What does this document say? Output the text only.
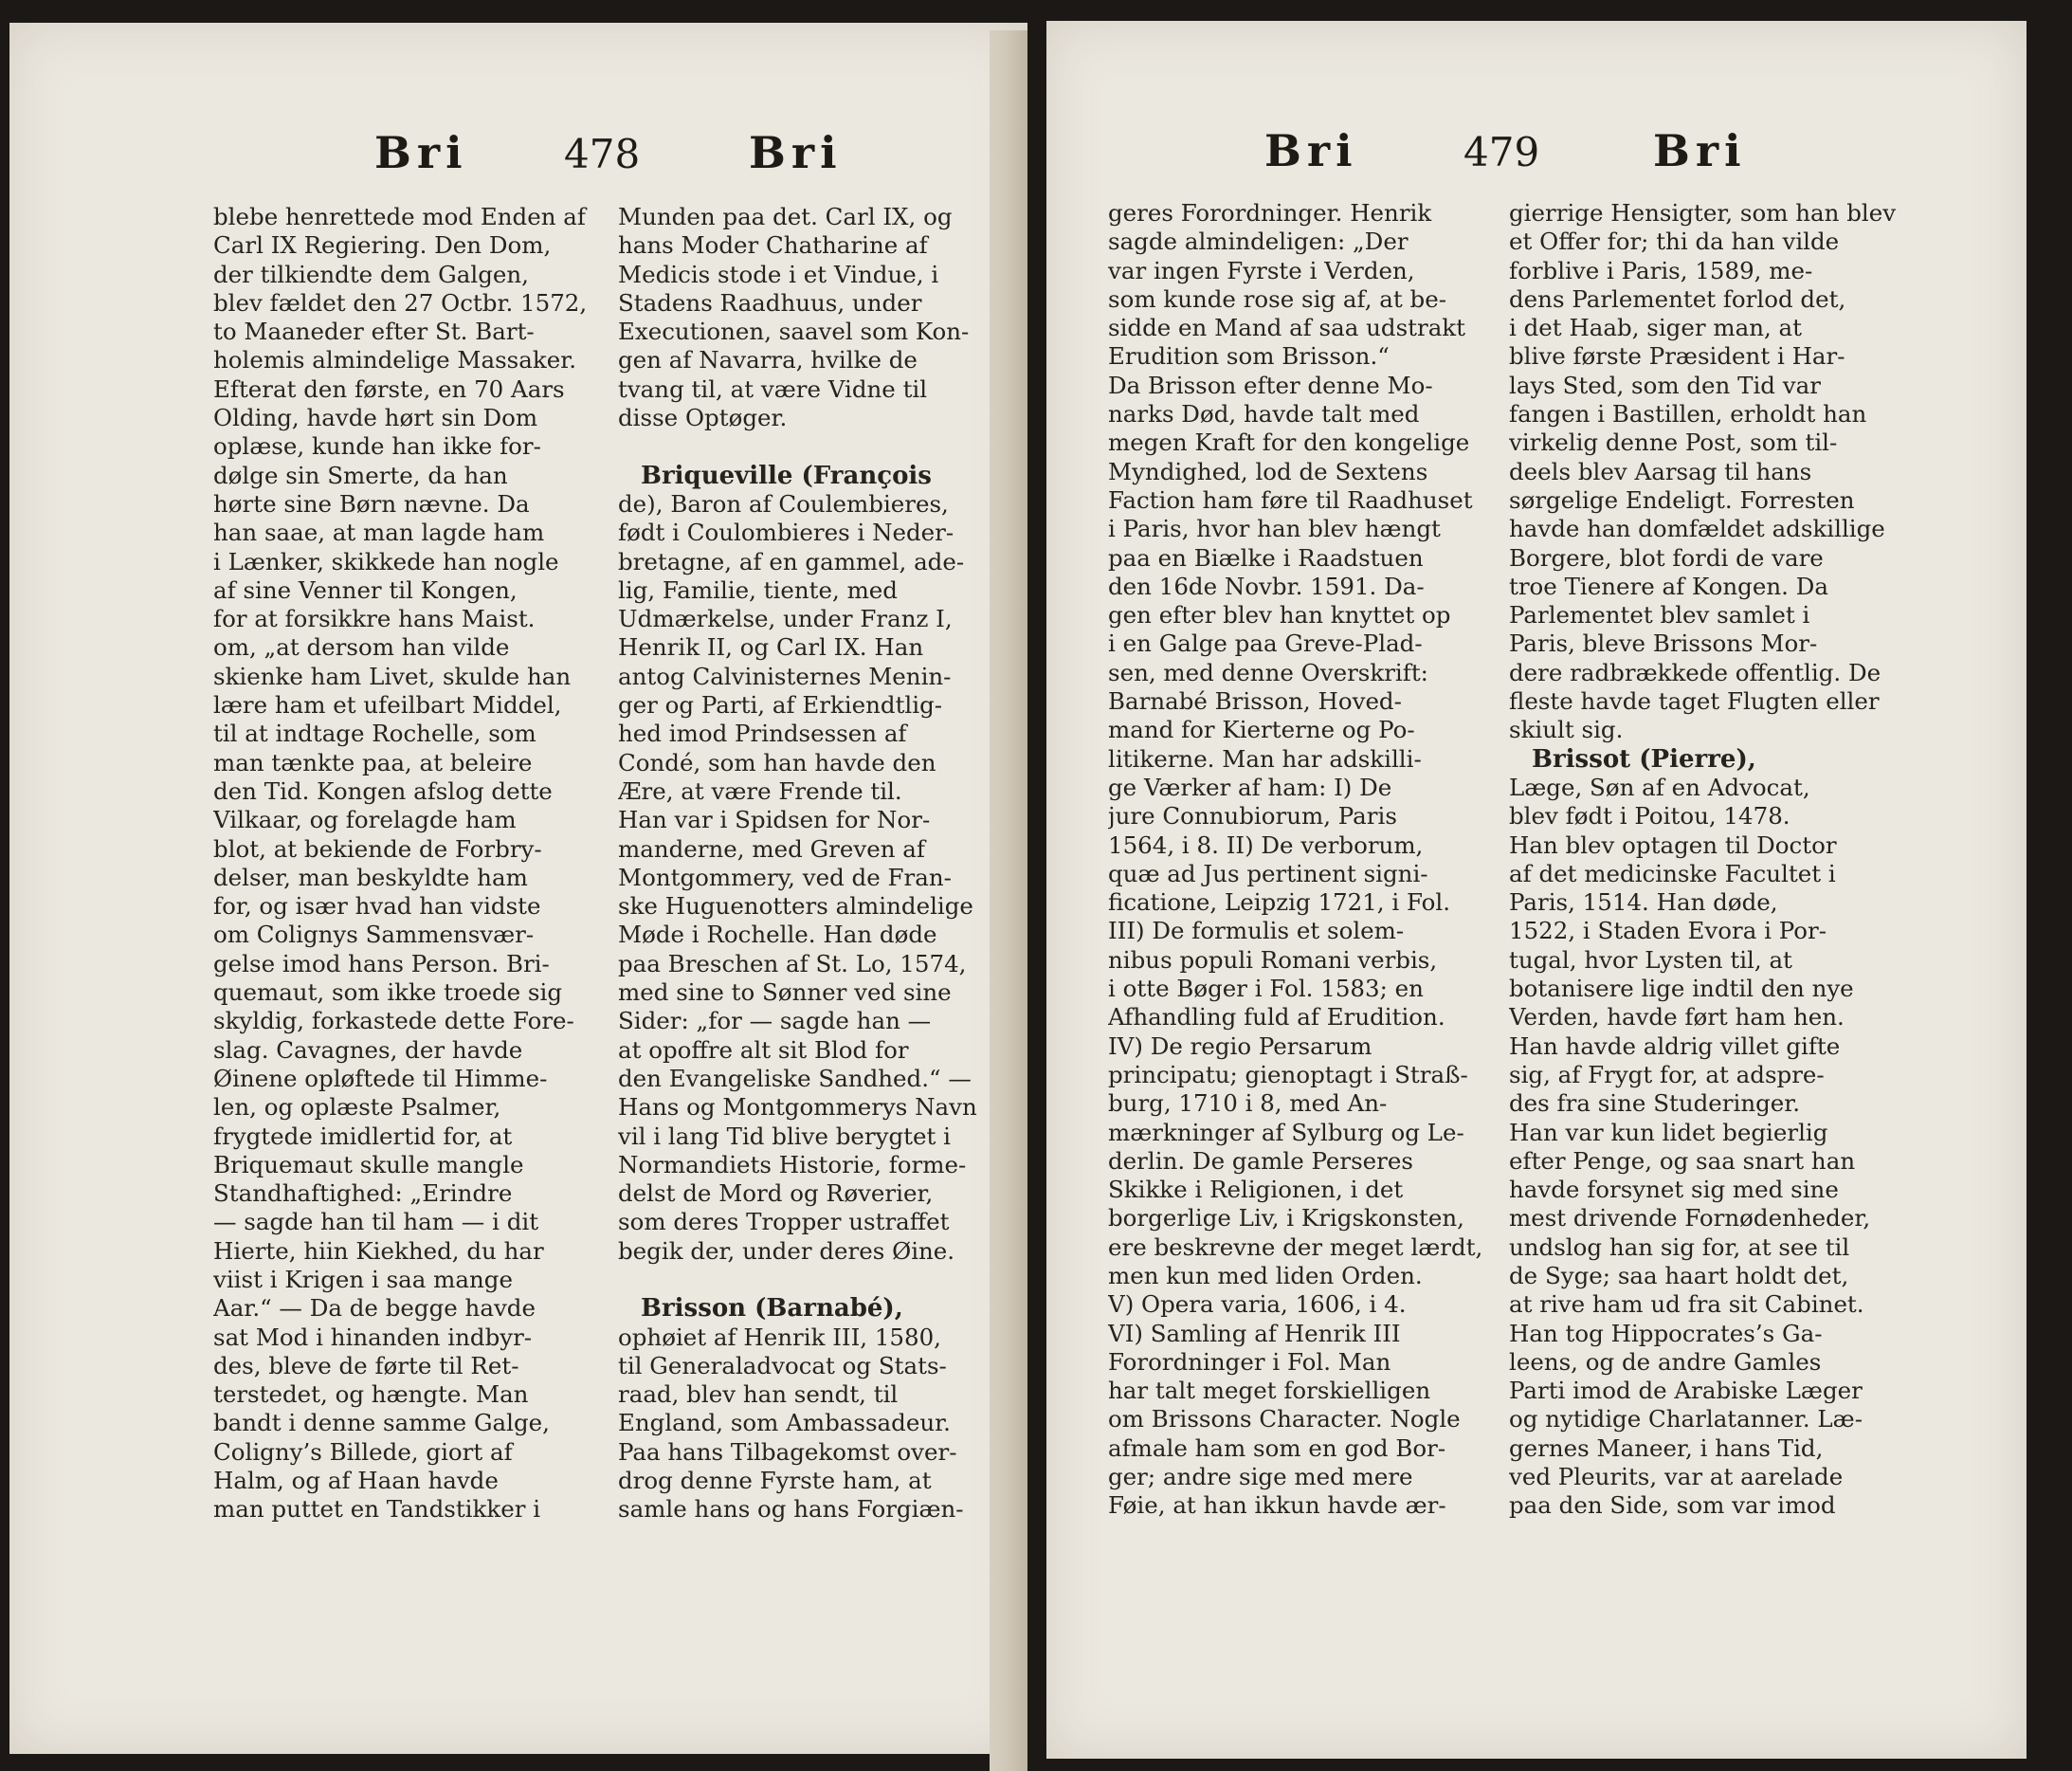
Bri 478 Bri
blebe henrettede mod Enden af
Carl IX Regiering. Den Dom,
der tilkiendte dem Galgen,
blev fældet den 27 Octbr. 1572,
to Maaneder efter St. Bart-
holemis almindelige Massaker.
Efterat den første, en 70 Aars
Olding, havde hørt sin Dom
oplæse, kunde han ikke for-
dølge sin Smerte, da han
hørte sine Børn nævne. Da
han saae, at man lagde ham
i Lænker, skikkede han nogle
af sine Venner til Kongen,
for at forsikkre hans Maist.
om, „at dersom han vilde
skienke ham Livet, skulde han
lære ham et ufeilbart Middel,
til at indtage Rochelle, som
man tænkte paa, at beleire
den Tid. Kongen afslog dette
Vilkaar, og forelagde ham
blot, at bekiende de Forbry-
delser, man beskyldte ham
for, og især hvad han vidste
om Colignys Sammensvær-
gelse imod hans Person. Bri-
quemaut, som ikke troede sig
skyldig, forkastede dette Fore-
slag. Cavagnes, der havde
Øinene opløftede til Himme-
len, og oplæste Psalmer,
frygtede imidlertid for, at
Briquemaut skulle mangle
Standhaftighed: „Erindre
— sagde han til ham — i dit
Hierte, hiin Kiekhed, du har
viist i Krigen i saa mange
Aar.“ — Da de begge havde
sat Mod i hinanden indbyr-
des, bleve de førte til Ret-
terstedet, og hængte. Man
bandt i denne samme Galge,
Coligny’s Billede, giort af
Halm, og af Haan havde
man puttet en Tandstikker i
Munden paa det. Carl IX, og
hans Moder Chatharine af
Medicis stode i et Vindue, i
Stadens Raadhuus, under
Executionen, saavel som Kon-
gen af Navarra, hvilke de
tvang til, at være Vidne til
disse Optøger.
Briqueville (François
de), Baron af Coulembieres,
født i Coulombieres i Neder-
bretagne, af en gammel, ade-
lig, Familie, tiente, med
Udmærkelse, under Franz I,
Henrik II, og Carl IX. Han
antog Calvinisternes Menin-
ger og Parti, af Erkiendtlig-
hed imod Prindsessen af
Condé, som han havde den
Ære, at være Frende til.
Han var i Spidsen for Nor-
manderne, med Greven af
Montgommery, ved de Fran-
ske Huguenotters almindelige
Møde i Rochelle. Han døde
paa Breschen af St. Lo, 1574,
med sine to Sønner ved sine
Sider: „for — sagde han —
at opoffre alt sit Blod for
den Evangeliske Sandhed.“ —
Hans og Montgommerys Navn
vil i lang Tid blive berygtet i
Normandiets Historie, forme-
delst de Mord og Røverier,
som deres Tropper ustraffet
begik der, under deres Øine.
Brisson (Barnabé),
ophøiet af Henrik III, 1580,
til Generaladvocat og Stats-
raad, blev han sendt, til
England, som Ambassadeur.
Paa hans Tilbagekomst over-
drog denne Fyrste ham, at
samle hans og hans Forgiæn-
Bri	479	Bri
geres Forordninger. Henrik
sagde almindeligen: „Der
var ingen Fyrste i Verden,
som kunde rose sig af, at be-
sidde en Mand af saa udstrakt
Erudition som Brisson.“
Da Brisson efter denne Mo-
narks Død, havde talt med
megen Kraft for den kongelige
Myndighed, lod de Sextens
Faction ham føre til Raadhuset
i Paris, hvor han blev hængt
paa en Biælke i Raadstuen
den 16de Novbr. 1591. Da-
gen efter blev han knyttet op
i en Galge paa Greve-Plad-
sen, med denne Overskrift:
Barnabé Brisson, Hoved-
mand for Kierterne og Po-
litikerne. Man har adskilli-
ge Værker af ham: I) De
jure Connubiorum, Paris
1564, i 8. II) De verborum,
quæ ad Jus pertinent signi-
ficatione, Leipzig 1721, i Fol.
III) De formulis et solem-
nibus populi Romani verbis,
i otte Bøger i Fol. 1583; en
Afhandling fuld af Erudition.
IV) De regio Persarum
principatu; gienoptagt i Straß-
burg, 1710 i 8, med An-
mærkninger af Sylburg og Le-
derlin. De gamle Perseres
Skikke i Religionen, i det
borgerlige Liv, i Krigskonsten,
ere beskrevne der meget lærdt,
men kun med liden Orden.
V) Opera varia, 1606, i 4.
VI) Samling af Henrik III
Forordninger i Fol. Man
har talt meget forskielligen
om Brissons Character. Nogle
afmale ham som en god Bor-
ger; andre sige med mere
Føie, at han ikkun havde ær-
gierrige Hensigter, som han blev
et Offer for; thi da han vilde
forblive i Paris, 1589, me-
dens Parlementet forlod det,
i det Haab, siger man, at
blive første Præsident i Har-
lays Sted, som den Tid var
fangen i Bastillen, erholdt han
virkelig denne Post, som til-
deels blev Aarsag til hans
sørgelige Endeligt. Forresten
havde han domfældet adskillige
Borgere, blot fordi de vare
troe Tienere af Kongen. Da
Parlementet blev samlet i
Paris, bleve Brissons Mor-
dere radbrækkede offentlig. De
fleste havde taget Flugten eller
skiult sig.
Brissot (Pierre),
Læge, Søn af en Advocat,
blev født i Poitou, 1478.
Han blev optagen til Doctor
af det medicinske Facultet i
Paris, 1514. Han døde,
1522, i Staden Evora i Por-
tugal, hvor Lysten til, at
botanisere lige indtil den nye
Verden, havde ført ham hen.
Han havde aldrig villet gifte
sig, af Frygt for, at adspre-
des fra sine Studeringer.
Han var kun lidet begierlig
efter Penge, og saa snart han
havde forsynet sig med sine
mest drivende Fornødenheder,
undslog han sig for, at see til
de Syge; saa haart holdt det,
at rive ham ud fra sit Cabinet.
Han tog Hippocrates’s Ga-
leens, og de andre Gamles
Parti imod de Arabiske Læger
og nytidige Charlatanner. Læ-
gernes Maneer, i hans Tid,
ved Pleurits, var at aarelade
paa den Side, som var imod
